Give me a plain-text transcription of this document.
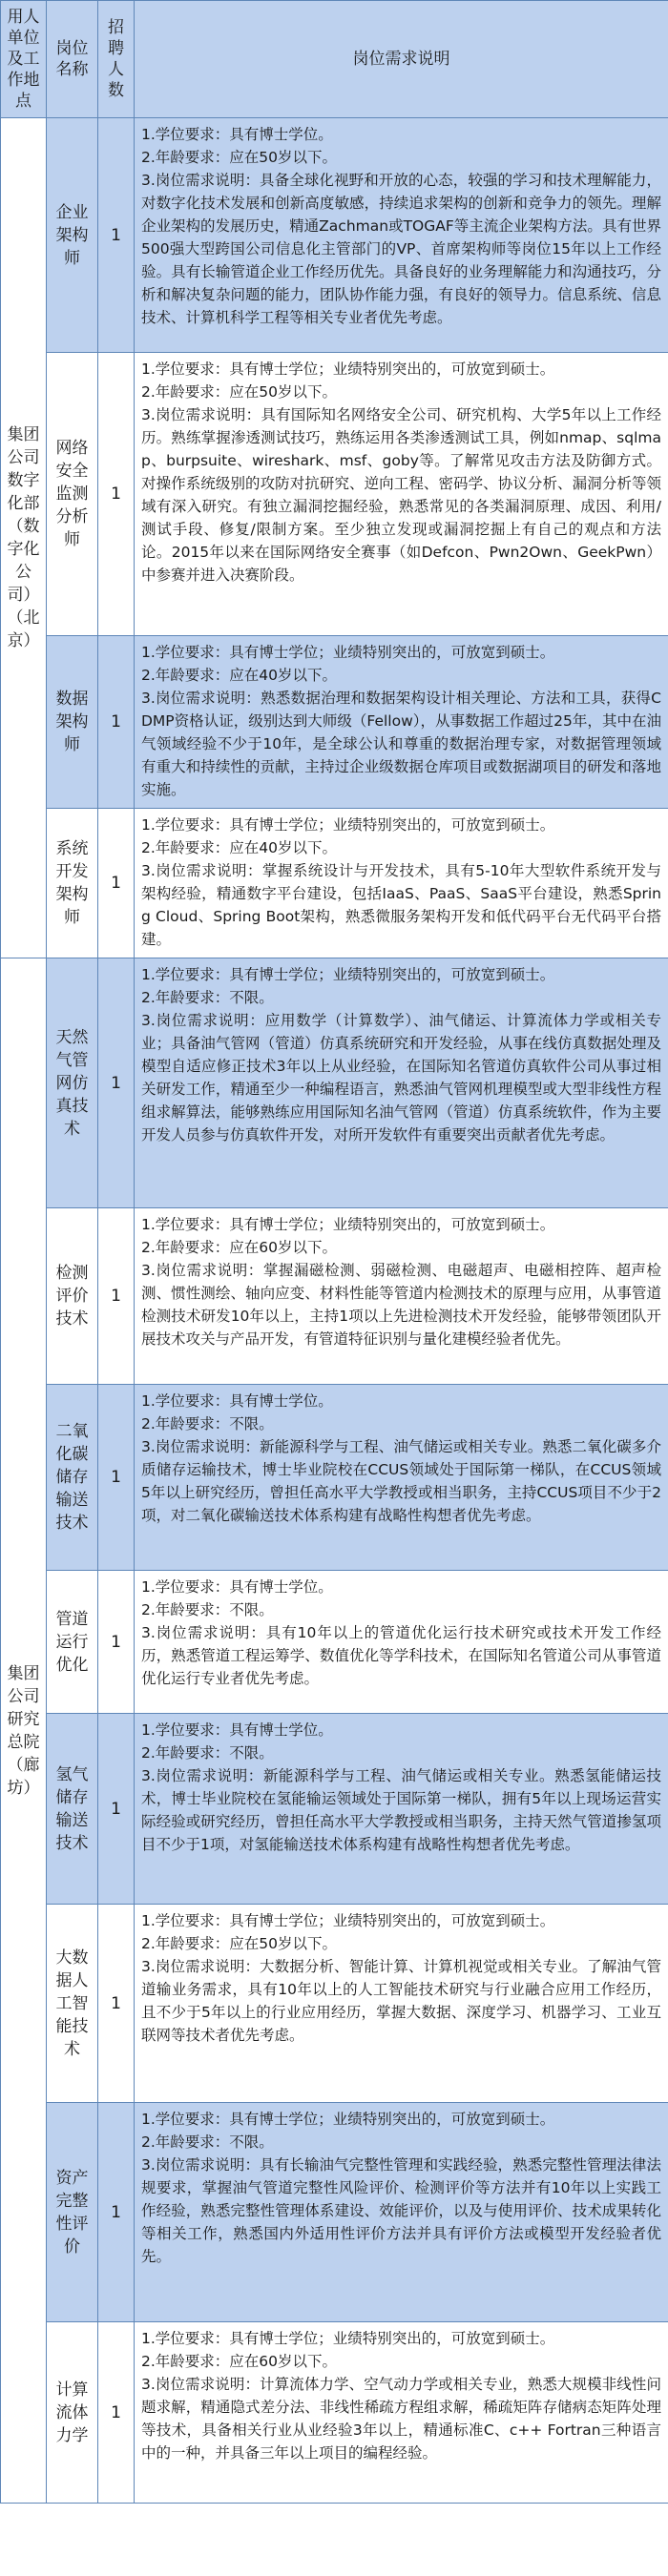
用人单位及工作地点	岗位名称	招聘人数	岗位需求说明
集团公司数字化部（数字化公司）（北京）	企业架构师	1	1.学位要求：具有博士学位。
2.年龄要求：应在50岁以下。
3.岗位需求说明：具备全球化视野和开放的心态，较强的学习和技术理解能力，对数字化技术发展和创新高度敏感，持续追求架构的创新和竞争力的领先。理解企业架构的发展历史，精通Zachman或TOGAF等主流企业架构方法。具有世界500强大型跨国公司信息化主管部门的VP、首席架构师等岗位15年以上工作经验。具有长输管道企业工作经历优先。具备良好的业务理解能力和沟通技巧，分析和解决复杂问题的能力，团队协作能力强，有良好的领导力。信息系统、信息技术、计算机科学工程等相关专业者优先考虑。
	网络安全监测分析师	1	1.学位要求：具有博士学位；业绩特别突出的，可放宽到硕士。
2.年龄要求：应在50岁以下。
3.岗位需求说明：具有国际知名网络安全公司、研究机构、大学5年以上工作经历。熟练掌握渗透测试技巧，熟练运用各类渗透测试工具，例如nmap、sqlmap、burpsuite、wireshark、msf、goby等。了解常见攻击方法及防御方式。对操作系统级别的攻防对抗研究、逆向工程、密码学、协议分析、漏洞分析等领域有深入研究。有独立漏洞挖掘经验，熟悉常见的各类漏洞原理、成因、利用/测试手段、修复/限制方案。至少独立发现或漏洞挖掘上有自己的观点和方法论。2015年以来在国际网络安全赛事（如Defcon、Pwn2Own、GeekPwn）中参赛并进入决赛阶段。
	数据架构师	1	1.学位要求：具有博士学位；业绩特别突出的，可放宽到硕士。
2.年龄要求：应在40岁以下。
3.岗位需求说明：熟悉数据治理和数据架构设计相关理论、方法和工具，获得CDMP资格认证，级别达到大师级（Fellow），从事数据工作超过25年，其中在油气领域经验不少于10年，是全球公认和尊重的数据治理专家，对数据管理领域有重大和持续性的贡献，主持过企业级数据仓库项目或数据湖项目的研发和落地实施。
	系统开发架构师	1	1.学位要求：具有博士学位；业绩特别突出的，可放宽到硕士。
2.年龄要求：应在40岁以下。
3.岗位需求说明：掌握系统设计与开发技术，具有5-10年大型软件系统开发与架构经验，精通数字平台建设，包括IaaS、PaaS、SaaS平台建设，熟悉Spring Cloud、Spring Boot架构，熟悉微服务架构开发和低代码平台无代码平台搭建。
集团公司研究总院（廊坊）	天然气管网仿真技术	1	1.学位要求：具有博士学位；业绩特别突出的，可放宽到硕士。
2.年龄要求：不限。
3.岗位需求说明：应用数学（计算数学）、油气储运、计算流体力学或相关专业；具备油气管网（管道）仿真系统研究和开发经验，从事在线仿真数据处理及模型自适应修正技术3年以上从业经验，在国际知名管道仿真软件公司从事过相关研发工作，精通至少一种编程语言，熟悉油气管网机理模型或大型非线性方程组求解算法，能够熟练应用国际知名油气管网（管道）仿真系统软件，作为主要开发人员参与仿真软件开发，对所开发软件有重要突出贡献者优先考虑。
	检测评价技术	1	1.学位要求：具有博士学位；业绩特别突出的，可放宽到硕士。
2.年龄要求：应在60岁以下。
3.岗位需求说明：掌握漏磁检测、弱磁检测、电磁超声、电磁相控阵、超声检测、惯性测绘、轴向应变、材料性能等管道内检测技术的原理与应用，从事管道检测技术研发10年以上，主持1项以上先进检测技术开发经验，能够带领团队开展技术攻关与产品开发，有管道特征识别与量化建模经验者优先。
	二氧化碳储存输送技术	1	1.学位要求：具有博士学位。
2.年龄要求：不限。
3.岗位需求说明：新能源科学与工程、油气储运或相关专业。熟悉二氧化碳多介质储存运输技术，博士毕业院校在CCUS领域处于国际第一梯队，在CCUS领域5年以上研究经历，曾担任高水平大学教授或相当职务，主持CCUS项目不少于2项，对二氧化碳输送技术体系构建有战略性构想者优先考虑。
	管道运行优化	1	1.学位要求：具有博士学位。
2.年龄要求：不限。
3.岗位需求说明：具有10年以上的管道优化运行技术研究或技术开发工作经历，熟悉管道工程运筹学、数值优化等学科技术，在国际知名管道公司从事管道优化运行专业者优先考虑。
	氢气储存输送技术	1	1.学位要求：具有博士学位。
2.年龄要求：不限。
3.岗位需求说明：新能源科学与工程、油气储运或相关专业。熟悉氢能储运技术，博士毕业院校在氢能输运领域处于国际第一梯队，拥有5年以上现场运营实际经验或研究经历，曾担任高水平大学教授或相当职务，主持天然气管道掺氢项目不少于1项，对氢能输送技术体系构建有战略性构想者优先考虑。
	大数据人工智能技术	1	1.学位要求：具有博士学位；业绩特别突出的，可放宽到硕士。
2.年龄要求：应在50岁以下。
3.岗位需求说明：大数据分析、智能计算、计算机视觉或相关专业。了解油气管道输业务需求，具有10年以上的人工智能技术研究与行业融合应用工作经历，且不少于5年以上的行业应用经历，掌握大数据、深度学习、机器学习、工业互联网等技术者优先考虑。
	资产完整性评价	1	1.学位要求：具有博士学位；业绩特别突出的，可放宽到硕士。
2.年龄要求：不限。
3.岗位需求说明：具有长输油气完整性管理和实践经验，熟悉完整性管理法律法规要求，掌握油气管道完整性风险评价、检测评价等方法并有10年以上实践工作经验，熟悉完整性管理体系建设、效能评价，以及与使用评价、技术成果转化等相关工作，熟悉国内外适用性评价方法并具有评价方法或模型开发经验者优先。
	计算流体力学	1	1.学位要求：具有博士学位；业绩特别突出的，可放宽到硕士。
2.年龄要求：应在60岁以下。
3.岗位需求说明：计算流体力学、空气动力学或相关专业，熟悉大规模非线性问题求解，精通隐式差分法、非线性稀疏方程组求解，稀疏矩阵存储病态矩阵处理等技术，具备相关行业从业经验3年以上，精通标准C、c++ Fortran三种语言中的一种，并具备三年以上项目的编程经验。
